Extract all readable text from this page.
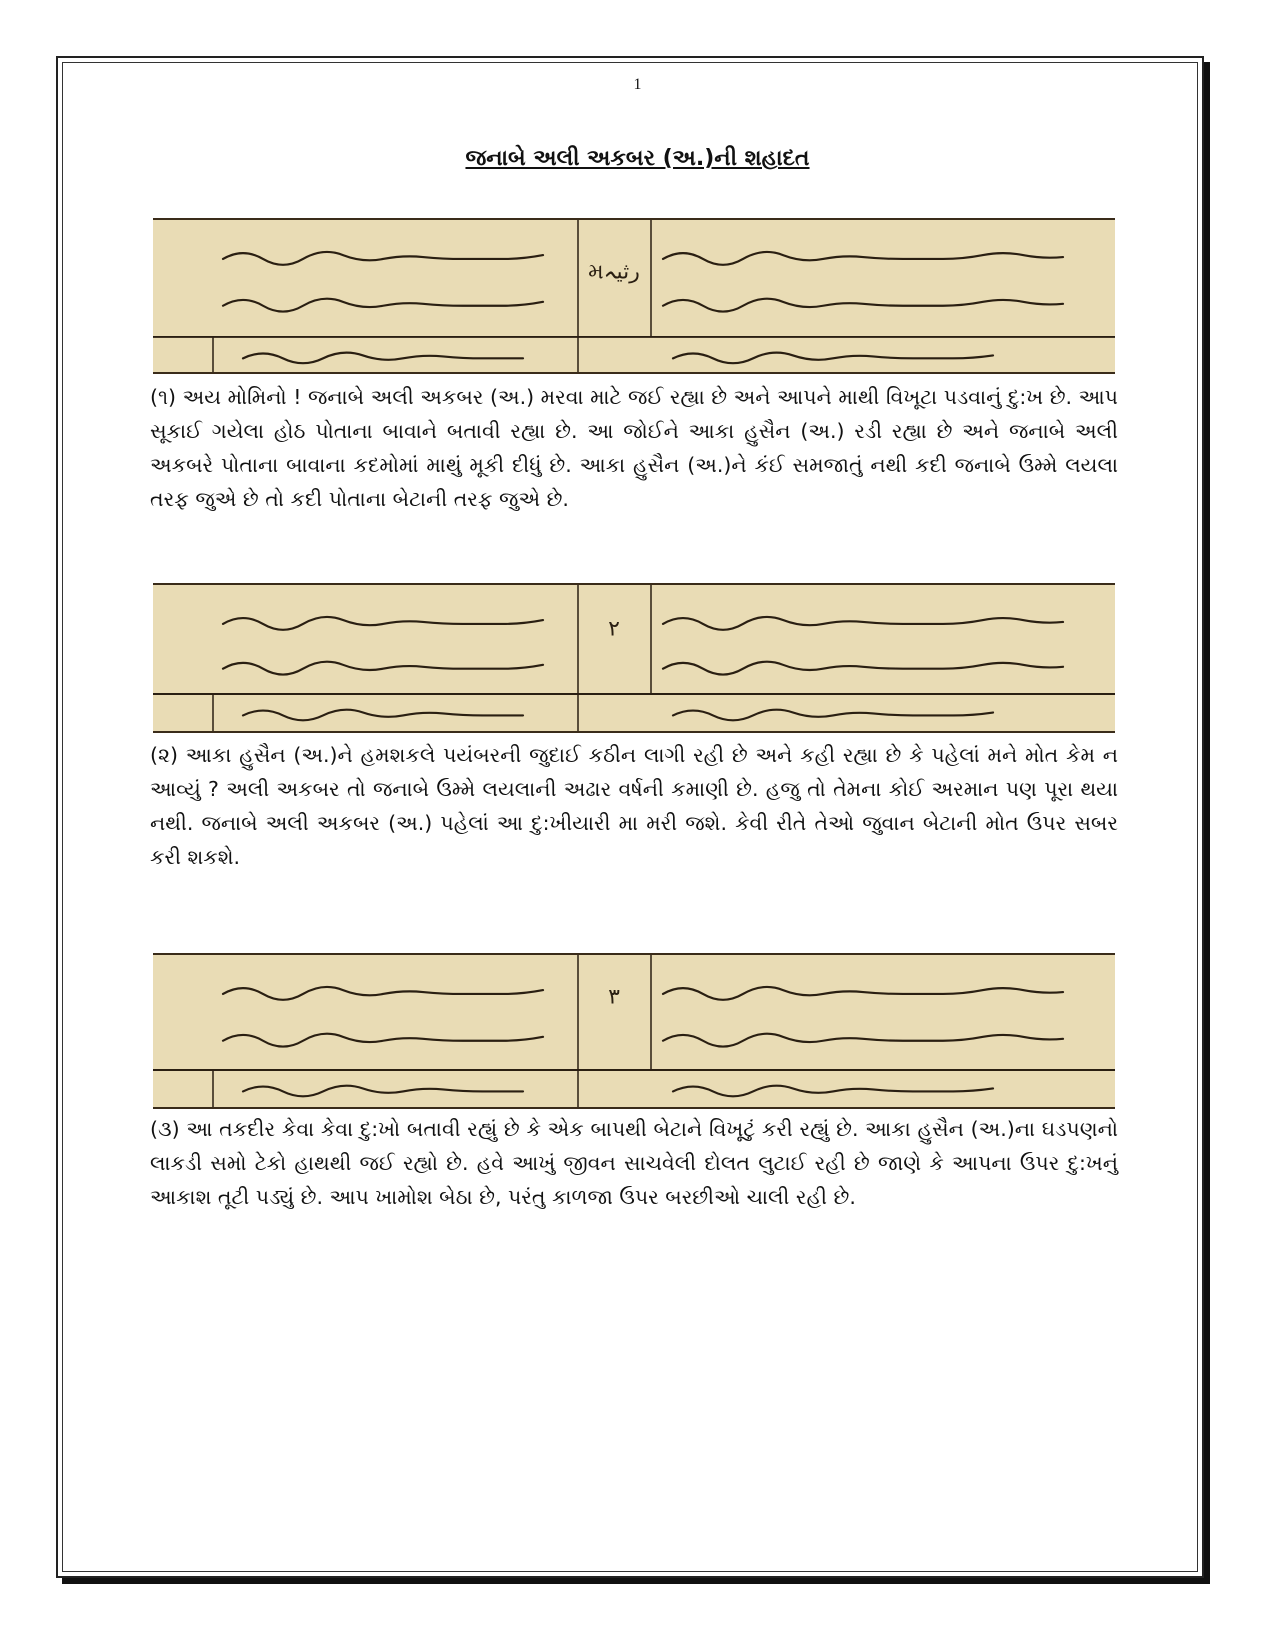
1
જનાબે અલી અકબર (અ.)ની શહાદત
મرثیہ

(૧) અય મોમિનો ! જનાબે અલી અકબર (અ.) મરવા માટે જઈ રહ્યા છે અને આપને માથી વિખૂટા પડવાનું દુ:ખ છે. આપ સૂકાઈ ગયેલા હોઠ પોતાના બાવાને બતાવી રહ્યા છે. આ જોઈને આકા હુસૈન (અ.) રડી રહ્યા છે અને જનાબે અલી અકબરે પોતાના બાવાના કદમોમાં માથું મૂકી દીધું છે. આકા હુસૈન (અ.)ને કંઈ સમજાતું નથી કદી જનાબે ઉમ્મે લયલા તરફ જુએ છે તો કદી પોતાના બેટાની તરફ જુએ છે.

۲

(૨) આકા હુસૈન (અ.)ને હમશકલે પયંબરની જુદાઈ કઠીન લાગી રહી છે અને કહી રહ્યા છે કે પહેલાં મને મોત કેમ ન આવ્યું ? અલી અકબર તો જનાબે ઉમ્મે લયલાની અઢાર વર્ષની કમાણી છે. હજુ તો તેમના કોઈ અરમાન પણ પૂરા થયા નથી. જનાબે અલી અકબર (અ.) પહેલાં આ દુ:ખીયારી મા મરી જશે. કેવી રીતે તેઓ જુવાન બેટાની મોત ઉપર સબર કરી શકશે.

۳

(૩) આ તકદીર કેવા કેવા દુ:ખો બતાવી રહ્યું છે કે એક બાપથી બેટાને વિખૂટું કરી રહ્યું છે. આકા હુસૈન (અ.)ના ઘડપણનો લાકડી સમો ટેકો હાથથી જઈ રહ્યો છે. હવે આખું જીવન સાચવેલી દોલત લુટાઈ રહી છે જાણે કે આપના ઉપર દુ:ખનું આકાશ તૂટી પડ્યું છે. આપ ખામોશ બેઠા છે, પરંતુ કાળજા ઉપર બરછીઓ ચાલી રહી છે.
